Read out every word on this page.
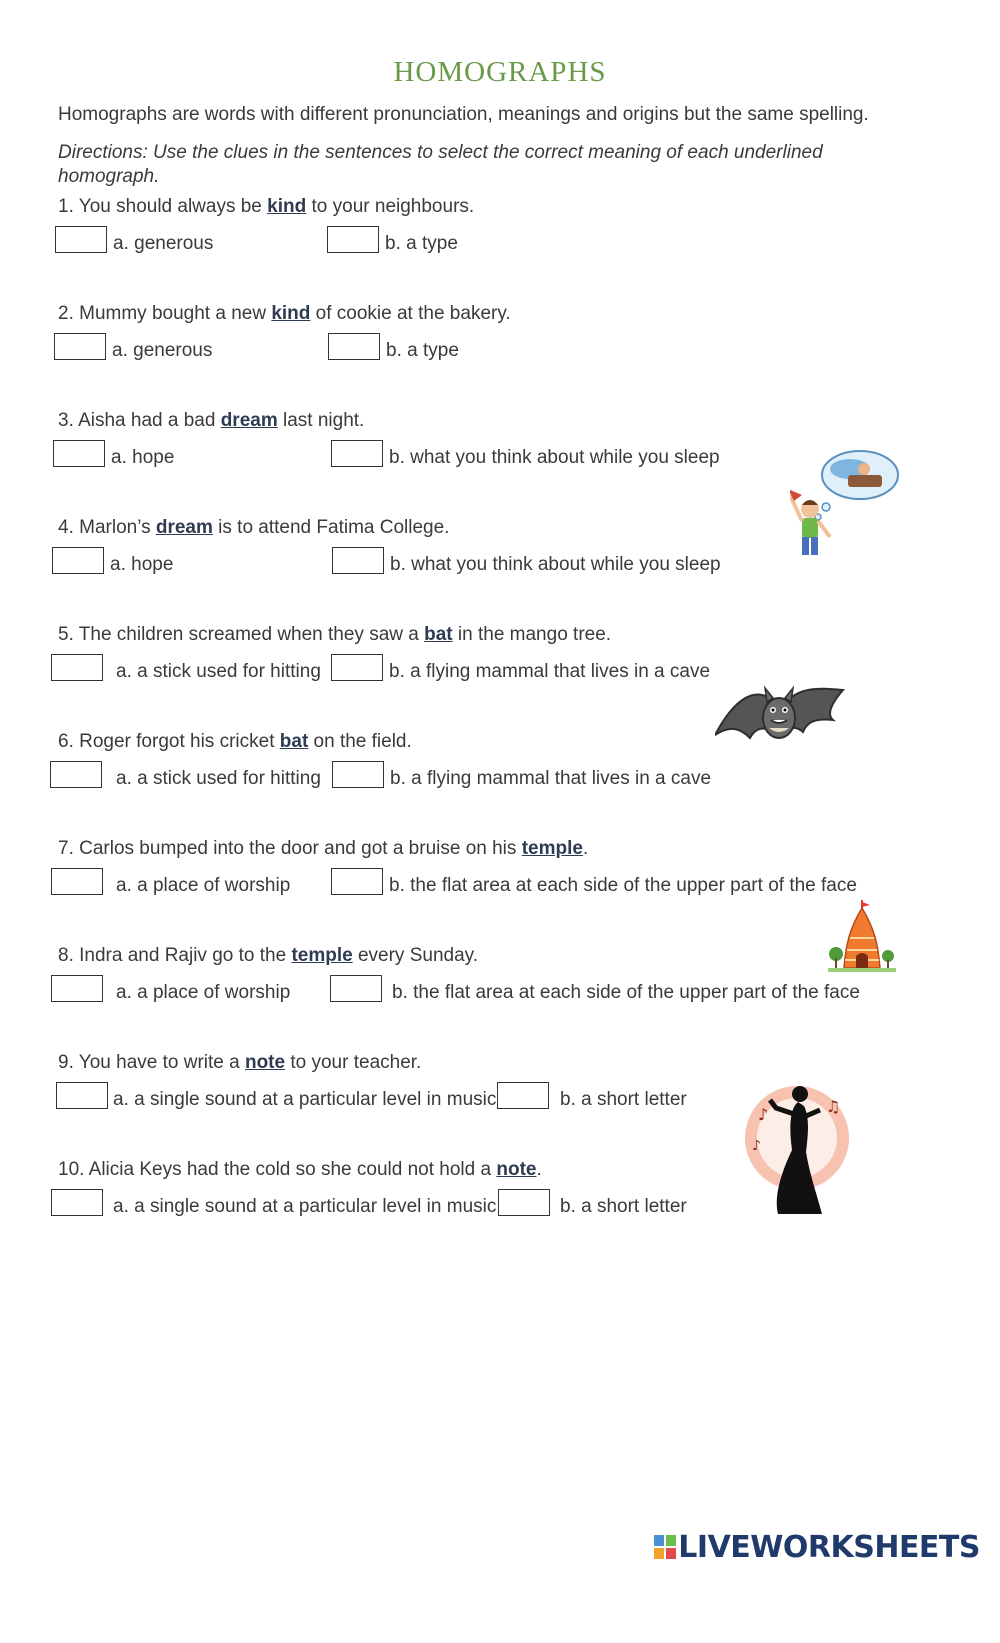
HOMOGRAPHS

Homographs are words with different pronunciation, meanings and origins but the same spelling.

Directions: Use the clues in the sentences to select the correct meaning of each underlined homograph.

1. You should always be kind to your neighbours.
a. generous	b. a type
2. Mummy bought a new kind of cookie at the bakery.
a. generous	b. a type
3. Aisha had a bad dream last night.
a. hope	b. what you think about while you sleep
4. Marlon’s dream is to attend Fatima College.
a. hope	b. what you think about while you sleep
5. The children screamed when they saw a bat in the mango tree.
a. a stick used for hitting	b. a flying mammal that lives in a cave
6. Roger forgot his cricket bat on the field.
a. a stick used for hitting	b. a flying mammal that lives in a cave
7. Carlos bumped into the door and got a bruise on his temple.
a. a place of worship	b. the flat area at each side of the upper part of the face
8. Indra and Rajiv go to the temple every Sunday.
a. a place of worship	b. the flat area at each side of the upper part of the face
9. You have to write a note to your teacher.
a. a single sound at a particular level in music	b. a short letter
10. Alicia Keys had the cold so she could not hold a note.
a. a single sound at a particular level in music	b. a short letter
♪	♫
♪
LIVEWORKSHEETS
